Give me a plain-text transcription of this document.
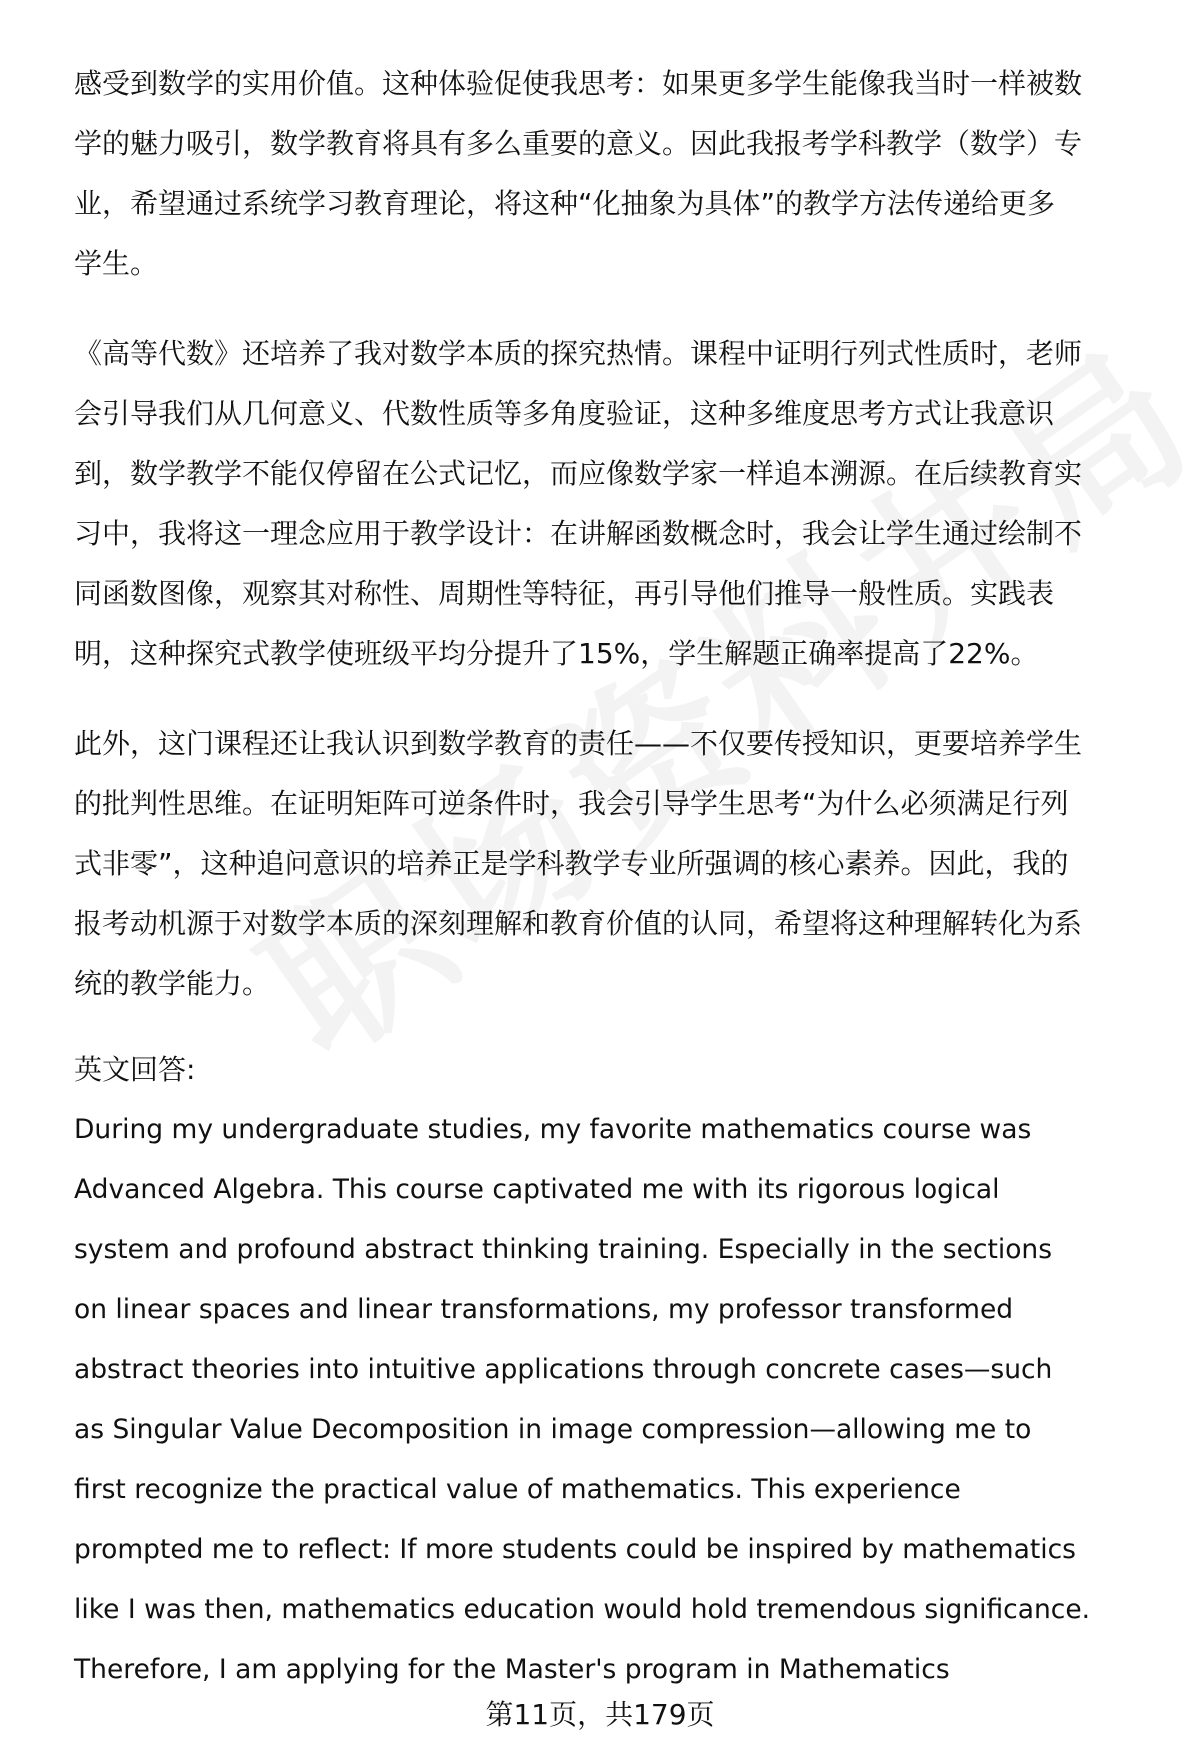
感受到数学的实用价值。这种体验促使我思考：如果更多学生能像我当时一样被数
学的魅力吸引，数学教育将具有多么重要的意义。因此我报考学科教学（数学）专
业，希望通过系统学习教育理论，将这种“化抽象为具体”的教学方法传递给更多
学生。

《高等代数》还培养了我对数学本质的探究热情。课程中证明行列式性质时，老师
会引导我们从几何意义、代数性质等多角度验证，这种多维度思考方式让我意识
到，数学教学不能仅停留在公式记忆，而应像数学家一样追本溯源。在后续教育实
习中，我将这一理念应用于教学设计：在讲解函数概念时，我会让学生通过绘制不
同函数图像，观察其对称性、周期性等特征，再引导他们推导一般性质。实践表
明，这种探究式教学使班级平均分提升了15%，学生解题正确率提高了22%。

此外，这门课程还让我认识到数学教育的责任——不仅要传授知识，更要培养学生
的批判性思维。在证明矩阵可逆条件时，我会引导学生思考“为什么必须满足行列
式非零”，这种追问意识的培养正是学科教学专业所强调的核心素养。因此，我的
报考动机源于对数学本质的深刻理解和教育价值的认同，希望将这种理解转化为系
统的教学能力。

英文回答:

During my undergraduate studies, my favorite mathematics course was
Advanced Algebra. This course captivated me with its rigorous logical
system and profound abstract thinking training. Especially in the sections
on linear spaces and linear transformations, my professor transformed
abstract theories into intuitive applications through concrete cases—such
as Singular Value Decomposition in image compression—allowing me to
first recognize the practical value of mathematics. This experience
prompted me to reflect: If more students could be inspired by mathematics
like I was then, mathematics education would hold tremendous significance.
Therefore, I am applying for the Master's program in Mathematics

第11页，共179页
